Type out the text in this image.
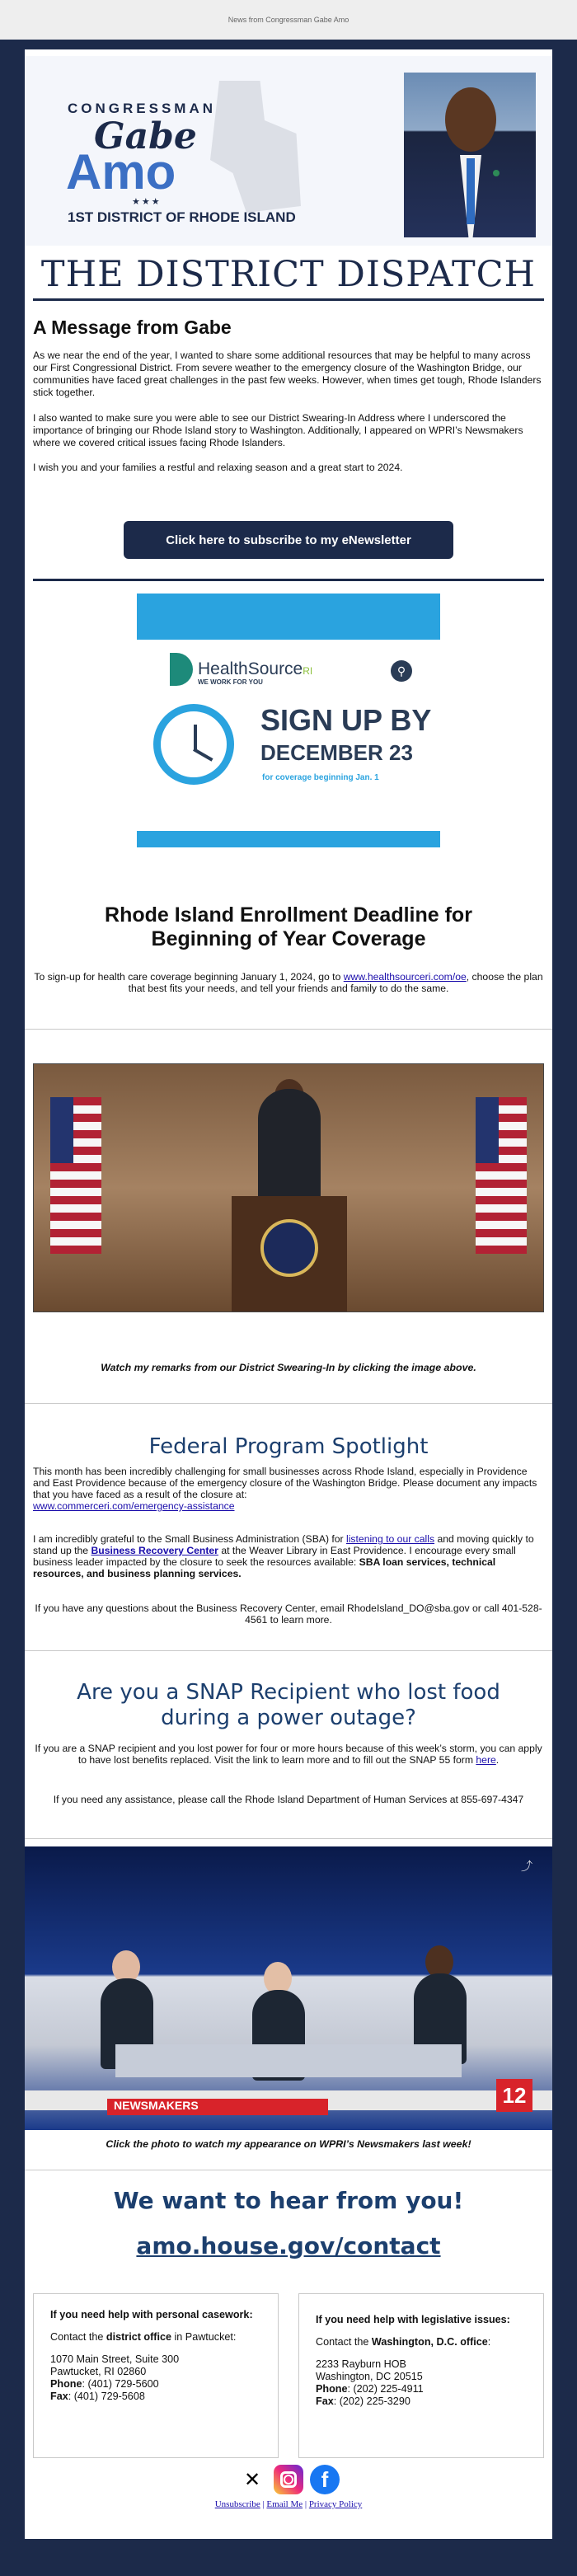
News from Congressman Gabe Amo
CONGRESSMAN
Gabe
Amo
★★★
1ST DISTRICT OF RHODE ISLAND
THE DISTRICT DISPATCH
A Message from Gabe

As we near the end of the year, I wanted to share some additional resources that may be helpful to many across our First Congressional District. From severe weather to the emergency closure of the Washington Bridge, our communities have faced great challenges in the past few weeks. However, when times get tough, Rhode Islanders stick together.

I also wanted to make sure you were able to see our District Swearing-In Address where I underscored the importance of bringing our Rhode Island story to Washington. Additionally, I appeared on WPRI’s Newsmakers where we covered critical issues facing Rhode Islanders.

I wish you and your families a restful and relaxing season and a great start to 2024.

Click here to subscribe to my eNewsletter
HealthSourceRI
WE WORK FOR YOU
⚲
SIGN UP BY
DECEMBER 23
for coverage beginning Jan. 1
Rhode Island Enrollment Deadline for Beginning of Year Coverage

To sign-up for health care coverage beginning January 1, 2024, go to www.healthsourceri.com/oe, choose the plan that best fits your needs, and tell your friends and family to do the same.

Watch my remarks from our District Swearing-In by clicking the image above.

Federal Program Spotlight

This month has been incredibly challenging for small businesses across Rhode Island, especially in Providence and East Providence because of the emergency closure of the Washington Bridge. Please document any impacts that you have faced as a result of the closure at:
www.commerceri.com/emergency-assistance

I am incredibly grateful to the Small Business Administration (SBA) for listening to our calls and moving quickly to stand up the Business Recovery Center at the Weaver Library in East Providence. I encourage every small business leader impacted by the closure to seek the resources available: SBA loan services, technical resources, and business planning services.

If you have any questions about the Business Recovery Center, email RhodeIsland_DO@sba.gov or call 401-528-4561 to learn more.

Are you a SNAP Recipient who lost food during a power outage?

If you are a SNAP recipient and you lost power for four or more hours because of this week’s storm, you can apply to have lost benefits replaced. Visit the link to learn more and to fill out the SNAP 55 form here.

If you need any assistance, please call the Rhode Island Department of Human Services at 855-697-4347

⤴
NEWSMAKERS	12

Click the photo to watch my appearance on WPRI’s Newsmakers last week!

We want to hear from you!
amo.house.gov/contact

If you need help with personal casework:

Contact the district office in Pawtucket:

1070 Main Street, Suite 300
Pawtucket, RI 02860
Phone: (401) 729-5600
Fax: (401) 729-5608

If you need help with legislative issues:

Contact the Washington, D.C. office:

2233 Rayburn HOB
Washington, DC 20515
Phone: (202) 225-4911
Fax: (202) 225-3290

✕	f
Unsubscribe | Email Me | Privacy Policy
